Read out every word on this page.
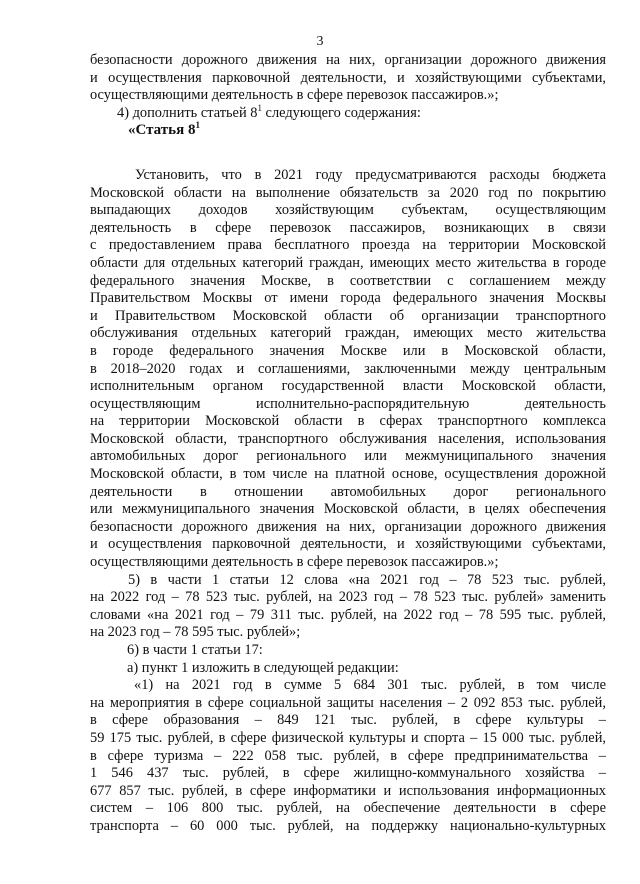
3
безопасности дорожного движения на них, организации дорожного движения
и осуществления парковочной деятельности, и хозяйствующими субъектами,
осуществляющими деятельность в сфере перевозок пассажиров.»;
4) дополнить статьей $8^1$ следующего содержания:
«Статья $8^1$
Установить, что в 2021 году предусматриваются расходы бюджета
Московской области на выполнение обязательств за 2020 год по покрытию
выпадающих доходов хозяйствующим субъектам, осуществляющим
деятельность в сфере перевозок пассажиров, возникающих в связи
с предоставлением права бесплатного проезда на территории Московской
области для отдельных категорий граждан, имеющих место жительства в городе
федерального значения Москве, в соответствии с соглашением между
Правительством Москвы от имени города федерального значения Москвы
и Правительством Московской области об организации транспортного
обслуживания отдельных категорий граждан, имеющих место жительства
в городе федерального значения Москве или в Московской области,
в 2018–2020 годах и соглашениями, заключенными между центральным
исполнительным органом государственной власти Московской области,
осуществляющим исполнительно-распорядительную деятельность
на территории Московской области в сферах транспортного комплекса
Московской области, транспортного обслуживания населения, использования
автомобильных дорог регионального или межмуниципального значения
Московской области, в том числе на платной основе, осуществления дорожной
деятельности в отношении автомобильных дорог регионального
или межмуниципального значения Московской области, в целях обеспечения
безопасности дорожного движения на них, организации дорожного движения
и осуществления парковочной деятельности, и хозяйствующими субъектами,
осуществляющими деятельность в сфере перевозок пассажиров.»;
5) в части 1 статьи 12 слова «на 2021 год – 78 523 тыс. рублей,
на 2022 год – 78 523 тыс. рублей, на 2023 год – 78 523 тыс. рублей» заменить
словами «на 2021 год – 79 311 тыс. рублей, на 2022 год – 78 595 тыс. рублей,
на 2023 год – 78 595 тыс. рублей»;
6) в части 1 статьи 17:
а) пункт 1 изложить в следующей редакции:
«1) на 2021 год в сумме 5 684 301 тыс. рублей, в том числе
на мероприятия в сфере социальной защиты населения – 2 092 853 тыс. рублей,
в сфере образования – 849 121 тыс. рублей, в сфере культуры –
59 175 тыс. рублей, в сфере физической культуры и спорта – 15 000 тыс. рублей,
в сфере туризма – 222 058 тыс. рублей, в сфере предпринимательства –
1 546 437 тыс. рублей, в сфере жилищно-коммунального хозяйства –
677 857 тыс. рублей, в сфере информатики и использования информационных
систем – 106 800 тыс. рублей, на обеспечение деятельности в сфере
транспорта – 60 000 тыс. рублей, на поддержку национально-культурных
